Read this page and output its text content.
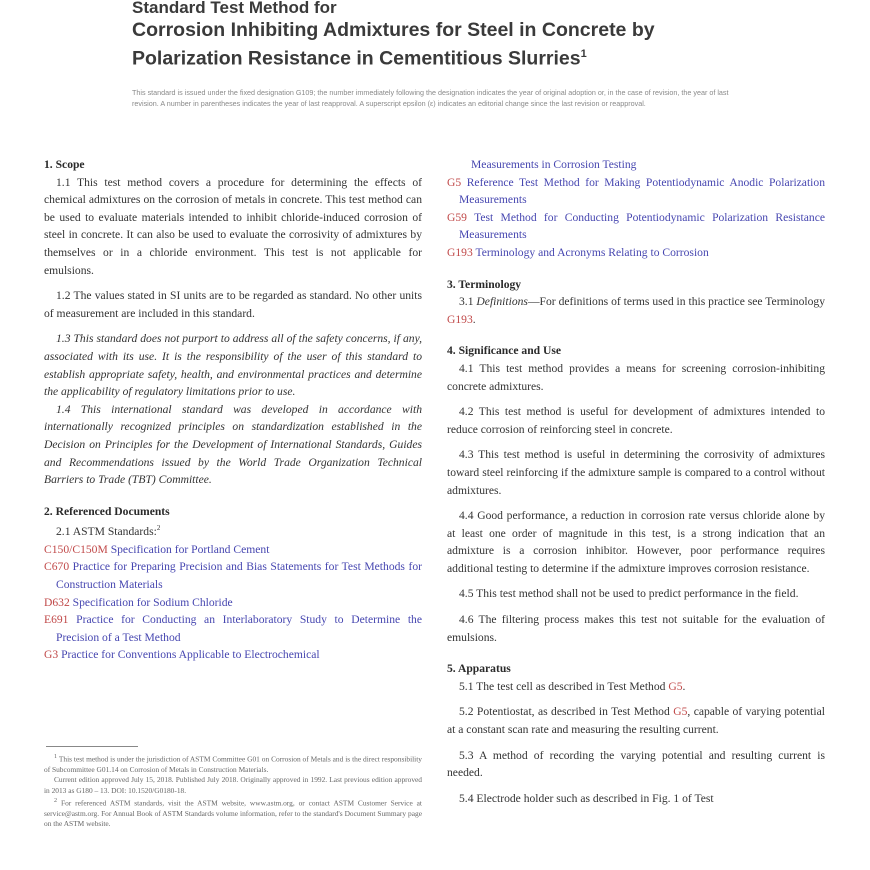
Standard Test Method for
Corrosion Inhibiting Admixtures for Steel in Concrete by
Polarization Resistance in Cementitious Slurries$^1$
This standard is issued under the fixed designation G109; the number immediately following the designation indicates the year of original adoption or, in the case of revision, the year of last revision. A number in parentheses indicates the year of last reapproval. A superscript epsilon (ε) indicates an editorial change since the last revision or reapproval.
1. Scope

1.1 This test method covers a procedure for determining the effects of chemical admixtures on the corrosion of metals in concrete. This test method can be used to evaluate materials intended to inhibit chloride-induced corrosion of steel in concrete. It can also be used to evaluate the corrosivity of admixtures by themselves or in a chloride environment. This test is not applicable for emulsions.

1.2 The values stated in SI units are to be regarded as standard. No other units of measurement are included in this standard.

1.3 This standard does not purport to address all of the safety concerns, if any, associated with its use. It is the responsibility of the user of this standard to establish appropriate safety, health, and environmental practices and determine the applicability of regulatory limitations prior to use.

1.4 This international standard was developed in accordance with internationally recognized principles on standardization established in the Decision on Principles for the Development of International Standards, Guides and Recommendations issued by the World Trade Organization Technical Barriers to Trade (TBT) Committee.

2. Referenced Documents

2.1 ASTM Standards:$^2$

C150/C150M Specification for Portland Cement
C670 Practice for Preparing Precision and Bias Statements for Test Methods for Construction Materials
D632 Specification for Sodium Chloride
E691 Practice for Conducting an Interlaboratory Study to Determine the Precision of a Test Method
G3 Practice for Conventions Applicable to Electrochemical

$^1$ This test method is under the jurisdiction of ASTM Committee G01 on Corrosion of Metals and is the direct responsibility of Subcommittee G01.14 on Corrosion of Metals in Construction Materials.

Current edition approved July 15, 2018. Published July 2018. Originally approved in 1992. Last previous edition approved in 2013 as G180 – 13. DOI: 10.1520/G0180-18.

$^2$ For referenced ASTM standards, visit the ASTM website, www.astm.org, or contact ASTM Customer Service at service@astm.org. For Annual Book of ASTM Standards volume information, refer to the standard's Document Summary page on the ASTM website.

Measurements in Corrosion Testing
G5 Reference Test Method for Making Potentiodynamic Anodic Polarization Measurements
G59 Test Method for Conducting Potentiodynamic Polarization Resistance Measurements
G193 Terminology and Acronyms Relating to Corrosion
3. Terminology

3.1 Definitions—For definitions of terms used in this practice see Terminology G193.

4. Significance and Use

4.1 This test method provides a means for screening corrosion-inhibiting concrete admixtures.

4.2 This test method is useful for development of admixtures intended to reduce corrosion of reinforcing steel in concrete.

4.3 This test method is useful in determining the corrosivity of admixtures toward steel reinforcing if the admixture sample is compared to a control without admixtures.

4.4 Good performance, a reduction in corrosion rate versus chloride alone by at least one order of magnitude in this test, is a strong indication that an admixture is a corrosion inhibitor. However, poor performance requires additional testing to determine if the admixture improves corrosion resistance.

4.5 This test method shall not be used to predict performance in the field.

4.6 The filtering process makes this test not suitable for the evaluation of emulsions.

5. Apparatus

5.1 The test cell as described in Test Method G5.

5.2 Potentiostat, as described in Test Method G5, capable of varying potential at a constant scan rate and measuring the resulting current.

5.3 A method of recording the varying potential and resulting current is needed.

5.4 Electrode holder such as described in Fig. 1 of Test
